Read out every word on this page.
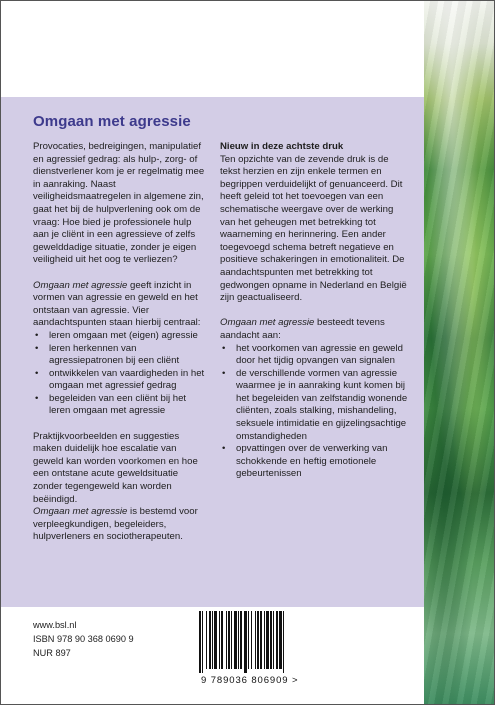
Omgaan met agressie

Provocaties, bedreigingen, manipulatief en agressief gedrag: als hulp-, zorg- of dienstverlener kom je er regelmatig mee in aanraking. Naast veiligheidsmaatregelen in algemene zin, gaat het bij de hulpverlening ook om de vraag: Hoe bied je professionele hulp aan je cliënt in een agressieve of zelfs gewelddadige situatie, zonder je eigen veiligheid uit het oog te verliezen?

Omgaan met agressie geeft inzicht in vormen van agressie en geweld en het ontstaan van agressie. Vier aandachtspunten staan hierbij centraal:

• leren omgaan met (eigen) agressie
• leren herkennen van agressiepatronen bij een cliënt
• ontwikkelen van vaardigheden in het omgaan met agressief gedrag
• begeleiden van een cliënt bij het leren omgaan met agressie

Praktijkvoorbeelden en suggesties maken duidelijk hoe escalatie van geweld kan worden voorkomen en hoe een ontstane acute geweldsituatie zonder tegengeweld kan worden beëindigd.

Omgaan met agressie is bestemd voor verpleegkundigen, begeleiders, hulpverleners en sociotherapeuten.

Nieuw in deze achtste druk

Ten opzichte van de zevende druk is de tekst herzien en zijn enkele termen en begrippen verduidelijkt of genuanceerd. Dit heeft geleid tot het toevoegen van een schematische weergave over de werking van het geheugen met betrekking tot waarneming en herinnering. Een ander toegevoegd schema betreft negatieve en positieve schakeringen in emotionaliteit. De aandachtspunten met betrekking tot gedwongen opname in Nederland en België zijn geactualiseerd.

Omgaan met agressie besteedt tevens aandacht aan:

• het voorkomen van agressie en geweld door het tijdig opvangen van signalen
• de verschillende vormen van agressie waarmee je in aanraking kunt komen bij het begeleiden van zelfstandig wonende cliënten, zoals stalking, mishandeling, seksuele intimidatie en gijzelingsachtige omstandigheden
• opvattingen over de verwerking van schokkende en heftig emotionele gebeurtenissen
www.bsl.nl
ISBN 978 90 368 0690 9
NUR 897
9 789036 806909 >
